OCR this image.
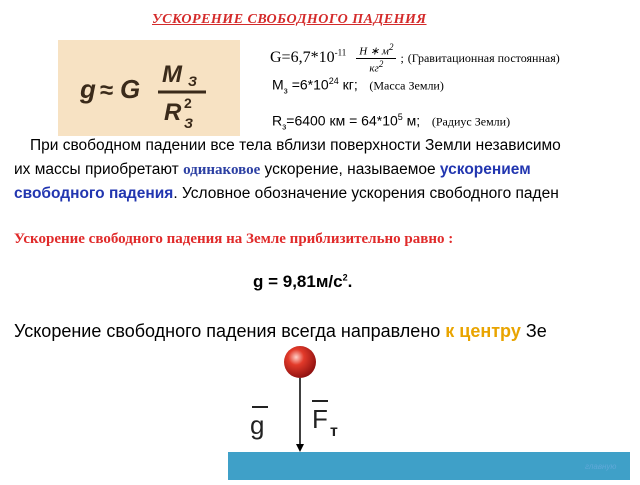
УСКОРЕНИЕ СВОБОДНОГО ПАДЕНИЯ
g ≈ G M З
R 2
З
$G=6,7*10^{-11} \frac{Н ∗ м^2}{кг^2}$ ; (Гравитационная постоянная)
$М_з =6*10^{24}$ кг; (Масса Земли)
$R_з=6400$ км = $64*10^5$ м; (Радиус Земли)
При свободном падении все тела вблизи поверхности Земли независимо
их массы приобретают одинаковое ускорение, называемое ускорением
свободного падения. Условное обозначение ускорения свободного паден
Ускорение свободного падения на Земле приблизительно равно :
$g = 9,81м/с^2$.
Ускорение свободного падения всегда направлено к центру Зе
g F т
главную
